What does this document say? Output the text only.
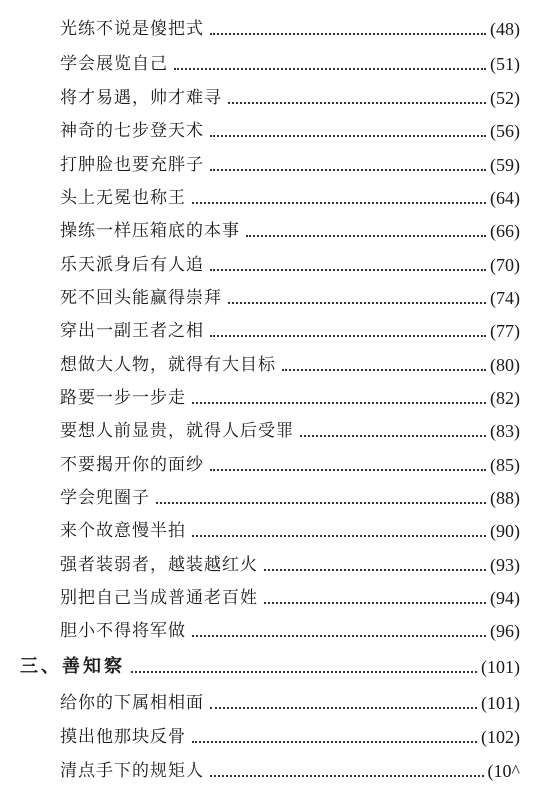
光练不说是傻把式	(48)
学会展览自己	(51)
将才易遇，帅才难寻	(52)
神奇的七步登天术	(56)
打肿脸也要充胖子	(59)
头上无冕也称王	(64)
操练一样压箱底的本事	(66)
乐天派身后有人追	(70)
死不回头能赢得崇拜	(74)
穿出一副王者之相	(77)
想做大人物，就得有大目标	(80)
路要一步一步走	(82)
要想人前显贵，就得人后受罪	(83)
不要揭开你的面纱	(85)
学会兜圈子	(88)
来个故意慢半拍	(90)
强者装弱者，越装越红火	(93)
别把自己当成普通老百姓	(94)
胆小不得将军做	(96)
三、善知察	(101)
给你的下属相相面	(101)
摸出他那块反骨	(102)
清点手下的规矩人	(10^
